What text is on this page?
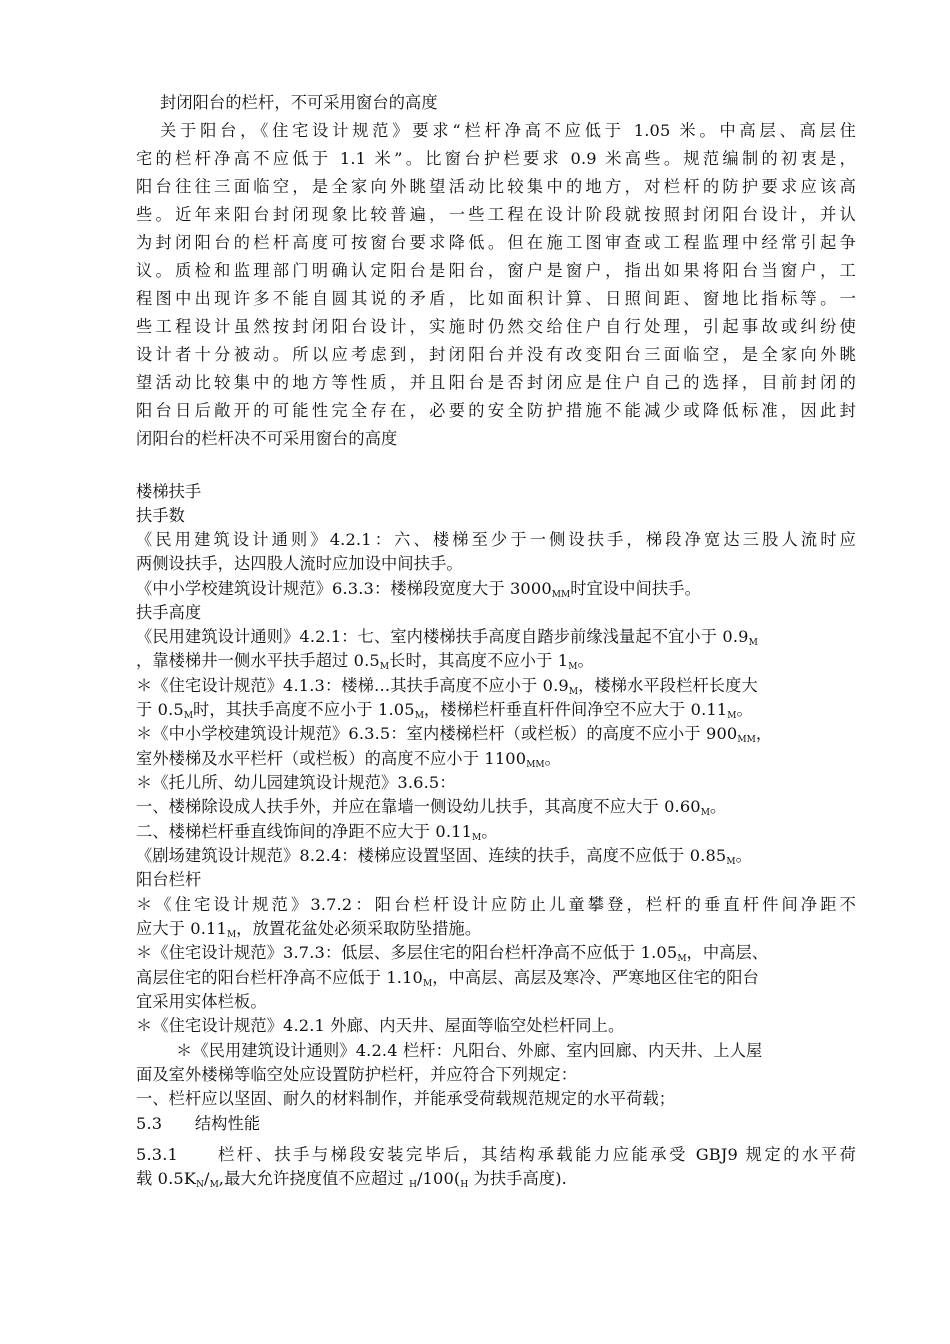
封闭阳台的栏杆，不可采用窗台的高度
关于阳台，《住宅设计规范》要求“栏杆净高不应低于 1.05 米。中高层、高层住
宅的栏杆净高不应低于 1.1 米”。比窗台护栏要求 0.9 米高些。规范编制的初衷是，
阳台往往三面临空，是全家向外眺望活动比较集中的地方，对栏杆的防护要求应该高
些。近年来阳台封闭现象比较普遍，一些工程在设计阶段就按照封闭阳台设计，并认
为封闭阳台的栏杆高度可按窗台要求降低。但在施工图审查或工程监理中经常引起争
议。质检和监理部门明确认定阳台是阳台，窗户是窗户，指出如果将阳台当窗户，工
程图中出现许多不能自圆其说的矛盾，比如面积计算、日照间距、窗地比指标等。一
些工程设计虽然按封闭阳台设计，实施时仍然交给住户自行处理，引起事故或纠纷使
设计者十分被动。所以应考虑到，封闭阳台并没有改变阳台三面临空，是全家向外眺
望活动比较集中的地方等性质，并且阳台是否封闭应是住户自己的选择，目前封闭的
阳台日后敞开的可能性完全存在，必要的安全防护措施不能减少或降低标准，因此封
闭阳台的栏杆决不可采用窗台的高度
楼梯扶手
扶手数
《民用建筑设计通则》4.2.1：六、楼梯至少于一侧设扶手，梯段净宽达三股人流时应
两侧设扶手，达四股人流时应加设中间扶手。
《中小学校建筑设计规范》6.3.3：楼梯段宽度大于 $3000_{MM}$时宜设中间扶手。
扶手高度
《民用建筑设计通则》4.2.1：七、室内楼梯扶手高度自踏步前缘浅量起不宜小于 $0.9_M$
，靠楼梯井一侧水平扶手超过 $0.5_M$长时，其高度不应小于 $1_M$。
＊《住宅设计规范》4.1.3：楼梯…其扶手高度不应小于 $0.9_M$，楼梯水平段栏杆长度大
于 $0.5_M$时，其扶手高度不应小于 $1.05_M$，楼梯栏杆垂直杆件间净空不应大于 $0.11_M$。
＊《中小学校建筑设计规范》6.3.5：室内楼梯栏杆（或栏板）的高度不应小于 $900_{MM}$，
室外楼梯及水平栏杆（或栏板）的高度不应小于 $1100_{MM}$。
＊《托儿所、幼儿园建筑设计规范》3.6.5：
一、楼梯除设成人扶手外，并应在靠墙一侧设幼儿扶手，其高度不应大于 $0.60_M$。
二、楼梯栏杆垂直线饰间的净距不应大于 $0.11_M$。
《剧场建筑设计规范》8.2.4：楼梯应设置坚固、连续的扶手，高度不应低于 $0.85_M$。
阳台栏杆
＊《住宅设计规范》3.7.2：阳台栏杆设计应防止儿童攀登，栏杆的垂直杆件间净距不
应大于 $0.11_M$，放置花盆处必须采取防坠措施。
＊《住宅设计规范》3.7.3：低层、多层住宅的阳台栏杆净高不应低于 $1.05_M$，中高层、
高层住宅的阳台栏杆净高不应低于 $1.10_M$，中高层、高层及寒冷、严寒地区住宅的阳台
宜采用实体栏板。
＊《住宅设计规范》4.2.1 外廊、内天井、屋面等临空处栏杆同上。
＊《民用建筑设计通则》4.2.4 栏杆：凡阳台、外廊、室内回廊、内天井、上人屋
面及室外楼梯等临空处应设置防护栏杆，并应符合下列规定：
一、栏杆应以坚固、耐久的材料制作，并能承受荷载规范规定的水平荷载；
5.3　　结构性能
5.3.1　　栏杆、扶手与梯段安装完毕后，其结构承载能力应能承受 GBJ9 规定的水平荷
载 $0.5K_N/_M$,最大允许挠度值不应超过 $_H/100(_H$ 为扶手高度).
